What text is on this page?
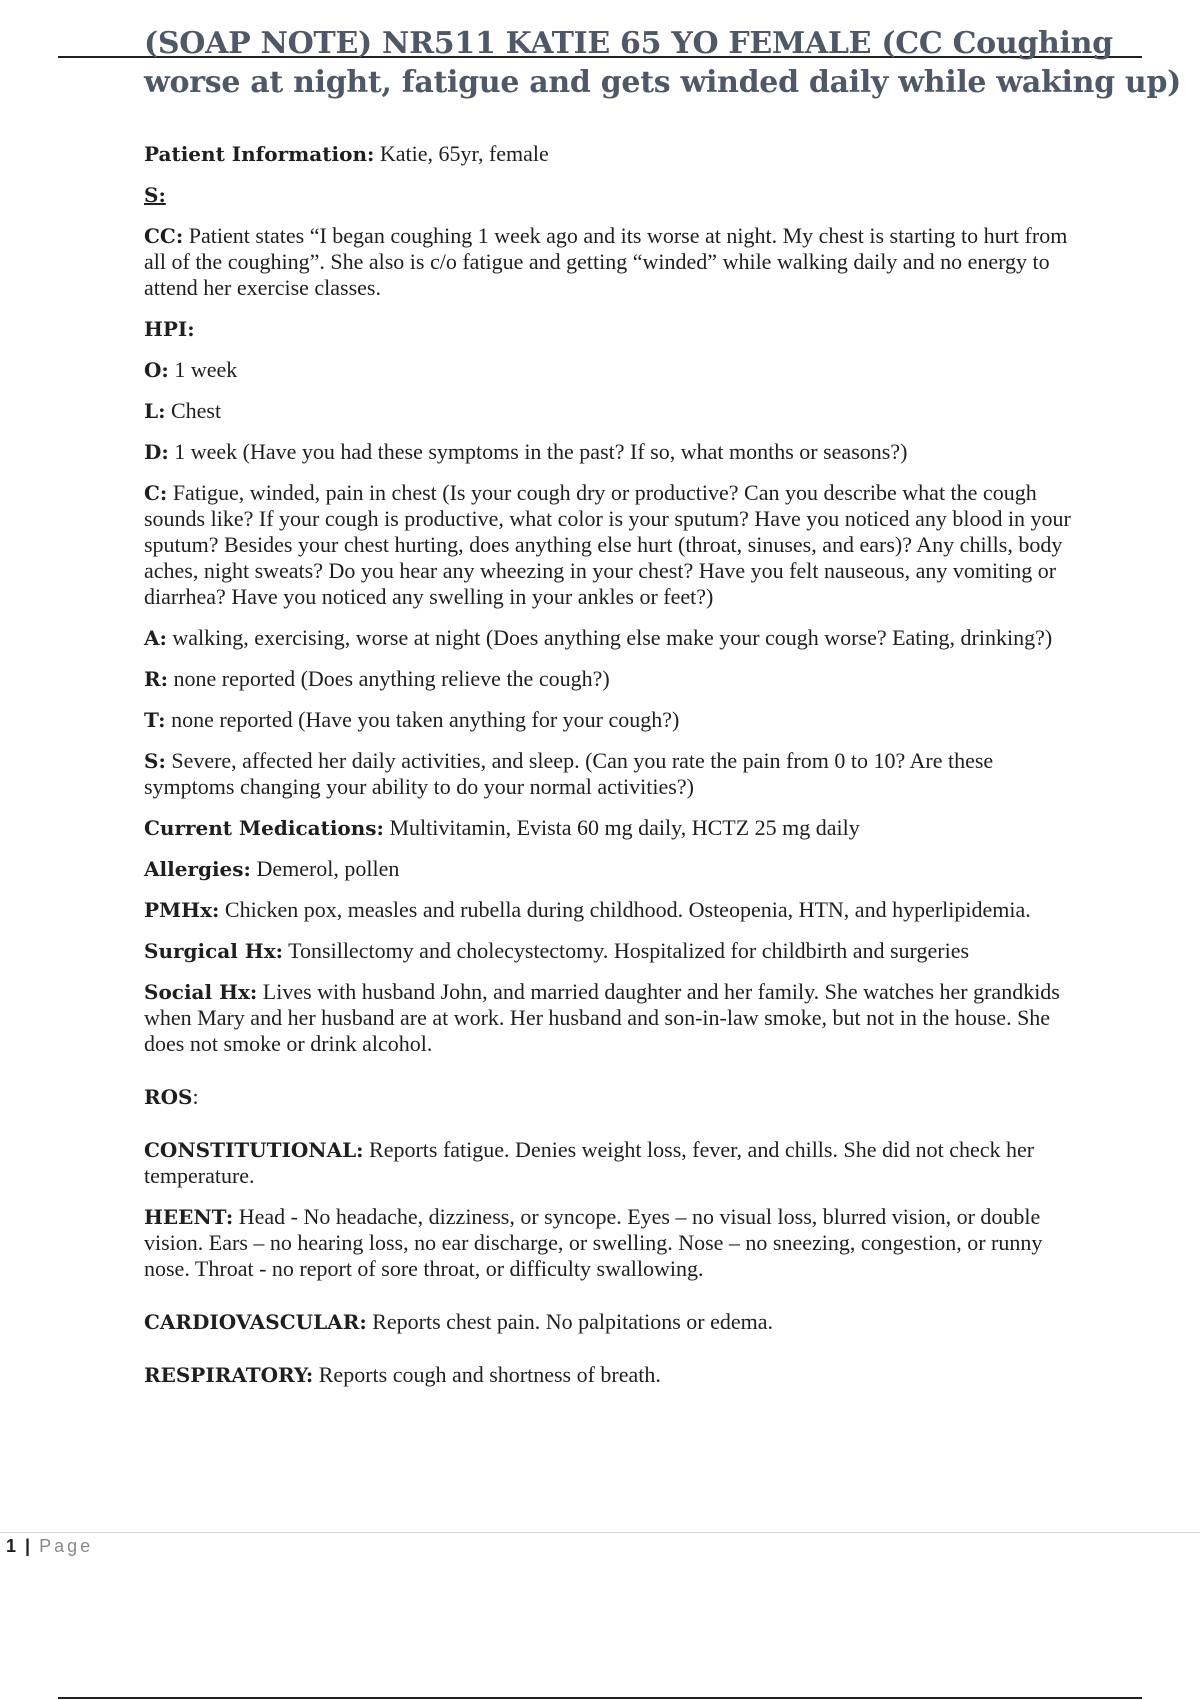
(SOAP NOTE) NR511 KATIE 65 YO FEMALE (CC Coughing worse at night, fatigue and gets winded daily while waking up)

Patient Information: Katie, 65yr, female

S:

CC: Patient states “I began coughing 1 week ago and its worse at night. My chest is starting to hurt from all of the coughing”. She also is c/o fatigue and getting “winded” while walking daily and no energy to attend her exercise classes.

HPI:

O: 1 week

L: Chest

D: 1 week (Have you had these symptoms in the past? If so, what months or seasons?)

C: Fatigue, winded, pain in chest (Is your cough dry or productive? Can you describe what the cough sounds like? If your cough is productive, what color is your sputum? Have you noticed any blood in your sputum? Besides your chest hurting, does anything else hurt (throat, sinuses, and ears)? Any chills, body aches, night sweats? Do you hear any wheezing in your chest? Have you felt nauseous, any vomiting or diarrhea? Have you noticed any swelling in your ankles or feet?)

A: walking, exercising, worse at night (Does anything else make your cough worse? Eating, drinking?)

R: none reported (Does anything relieve the cough?)

T: none reported (Have you taken anything for your cough?)

S: Severe, affected her daily activities, and sleep. (Can you rate the pain from 0 to 10? Are these symptoms changing your ability to do your normal activities?)

Current Medications: Multivitamin, Evista 60 mg daily, HCTZ 25 mg daily

Allergies: Demerol, pollen

PMHx: Chicken pox, measles and rubella during childhood. Osteopenia, HTN, and hyperlipidemia.

Surgical Hx: Tonsillectomy and cholecystectomy. Hospitalized for childbirth and surgeries

Social Hx: Lives with husband John, and married daughter and her family. She watches her grandkids when Mary and her husband are at work. Her husband and son-in-law smoke, but not in the house. She does not smoke or drink alcohol.

ROS:

CONSTITUTIONAL: Reports fatigue. Denies weight loss, fever, and chills. She did not check her temperature.

HEENT: Head - No headache, dizziness, or syncope. Eyes – no visual loss, blurred vision, or double vision. Ears – no hearing loss, no ear discharge, or swelling. Nose – no sneezing, congestion, or runny nose. Throat - no report of sore throat, or difficulty swallowing.

CARDIOVASCULAR: Reports chest pain. No palpitations or edema.

RESPIRATORY: Reports cough and shortness of breath.

1 | Page
